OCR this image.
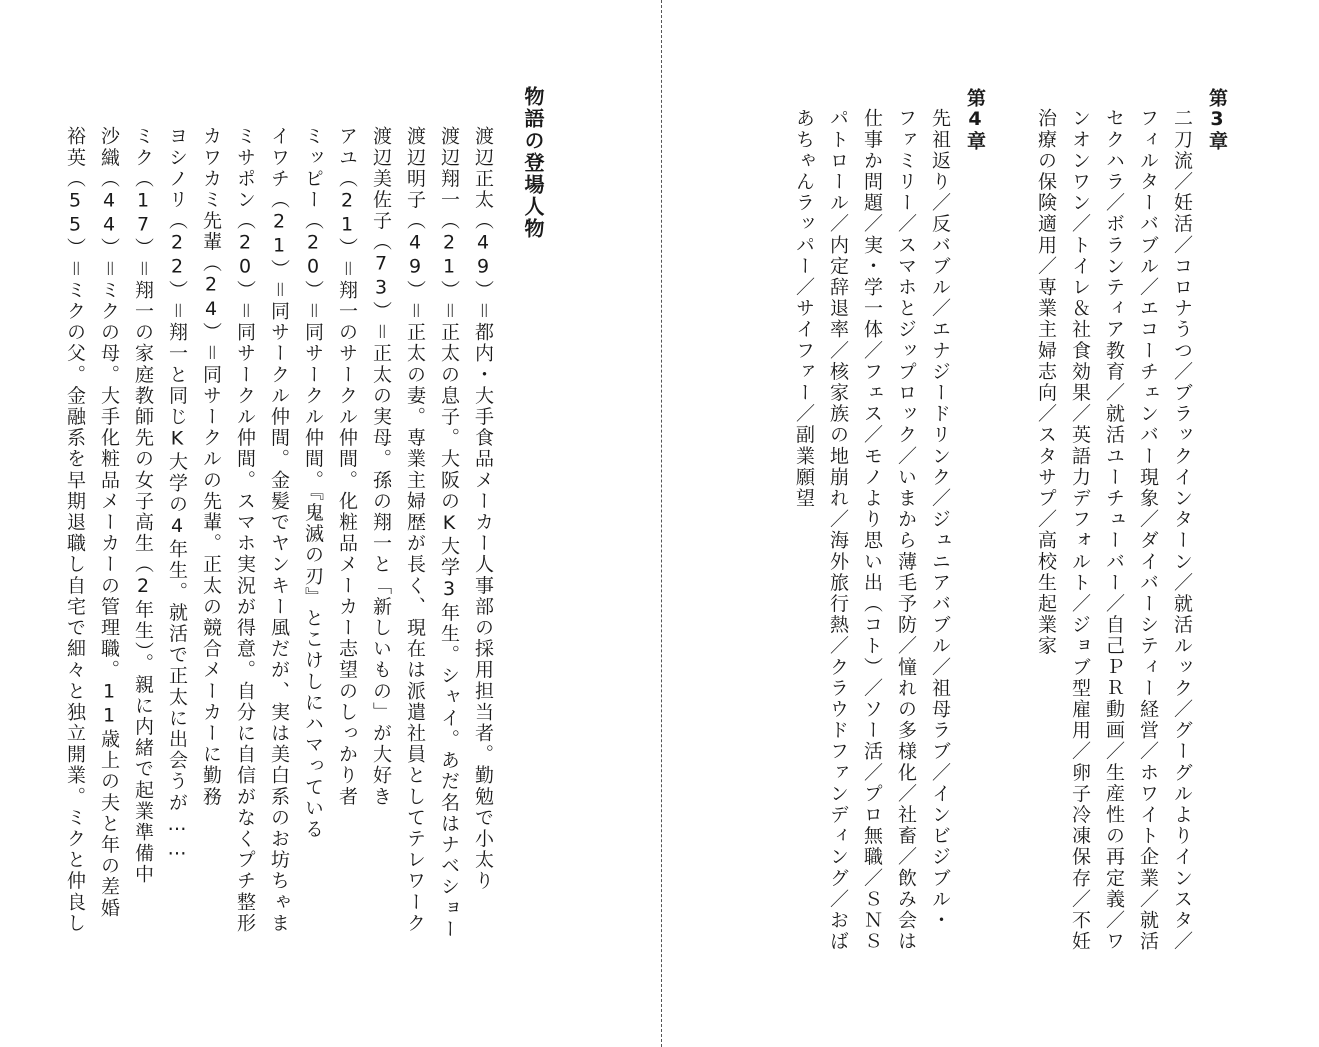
物語の登場人物
渡辺正太（49）＝都内・大手食品メーカー人事部の採用担当者。勤勉で小太り
渡辺翔一（21）＝正太の息子。大阪のK大学3年生。シャイ。あだ名はナベショー
渡辺明子（49）＝正太の妻。専業主婦歴が長く、現在は派遣社員としてテレワーク
渡辺美佐子（73）＝正太の実母。孫の翔一と「新しいもの」が大好き
アユ（21）＝翔一のサークル仲間。化粧品メーカー志望のしっかり者
ミッピー（20）＝同サークル仲間。『鬼滅の刃』とこけしにハマっている
イワチ（21）＝同サークル仲間。金髪でヤンキー風だが、実は美白系のお坊ちゃま
ミサポン（20）＝同サークル仲間。スマホ実況が得意。自分に自信がなくプチ整形
カワカミ先輩（24）＝同サークルの先輩。正太の競合メーカーに勤務
ヨシノリ（22）＝翔一と同じK大学の4年生。就活で正太に出会うが……
ミク（17）＝翔一の家庭教師先の女子高生（2年生）。親に内緒で起業準備中
沙織（44）＝ミクの母。大手化粧品メーカーの管理職。11歳上の夫と年の差婚
裕英（55）＝ミクの父。金融系を早期退職し自宅で細々と独立開業。ミクと仲良し
第3章
二刀流／妊活／コロナうつ／ブラックインターン／就活ルック／グーグルよりインスタ／
フィルターバブル／エコーチェンバー現象／ダイバーシティー経営／ホワイト企業／就活
セクハラ／ボランティア教育／就活ユーチューバー／自己ＰＲ動画／生産性の再定義／ワ
ンオンワン／トイレ＆社食効果／英語力デフォルト／ジョブ型雇用／卵子冷凍保存／不妊
治療の保険適用／専業主婦志向／スタサプ／高校生起業家
第4章
先祖返り／反バブル／エナジードリンク／ジュニアバブル／祖母ラブ／インビジブル・
ファミリー／スマホとジップロック／いまから薄毛予防／憧れの多様化／社畜／飲み会は
仕事か問題／実・学一体／フェス／モノより思い出（コト）／ソー活／プロ無職／ＳＮＳ
パトロール／内定辞退率／核家族の地崩れ／海外旅行熱／クラウドファンディング／おば
あちゃんラッパー／サイファー／副業願望
